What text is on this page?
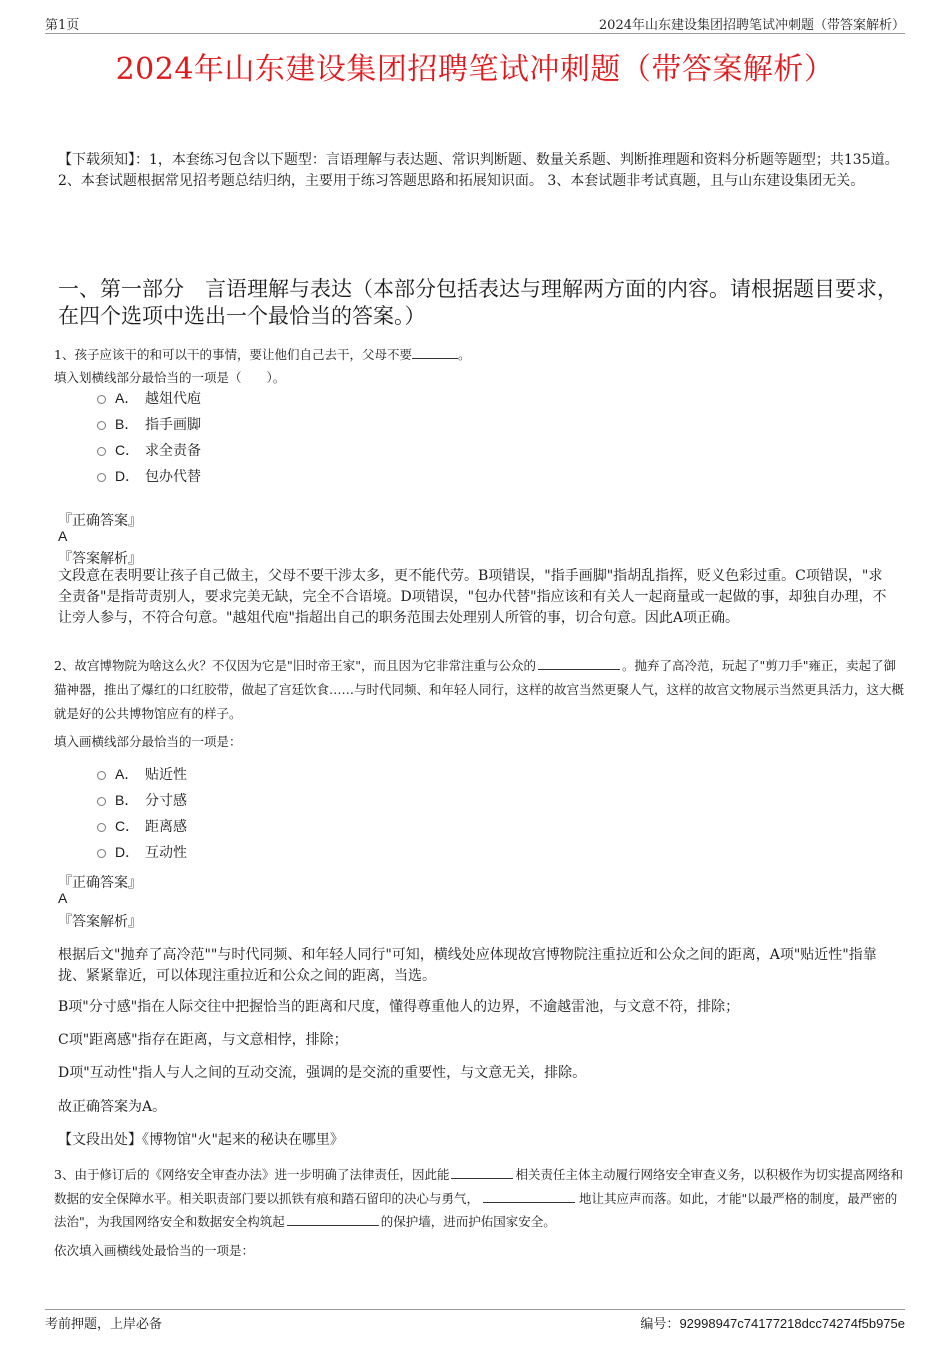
第1页	2024年山东建设集团招聘笔试冲刺题（带答案解析）
2024年山东建设集团招聘笔试冲刺题（带答案解析）
【下载须知】：1，本套练习包含以下题型：言语理解与表达题、常识判断题、数量关系题、判断推理题和资料分析题等题型；共135道。 2、本套试题根据常见招考题总结归纳，主要用于练习答题思路和拓展知识面。 3、本套试题非考试真题，且与山东建设集团无关。
一、第一部分　言语理解与表达（本部分包括表达与理解两方面的内容。请根据题目要求，在四个选项中选出一个最恰当的答案。）
1、孩子应该干的和可以干的事情，要让他们自己去干，父母不要	。
填入划横线部分最恰当的一项是（　　）。
A． 越俎代庖
B． 指手画脚
C． 求全责备
D． 包办代替
『正确答案』
A
『答案解析』
文段意在表明要让孩子自己做主，父母不要干涉太多，更不能代劳。B项错误，"指手画脚"指胡乱指挥，贬义色彩过重。C项错误，"求全责备"是指苛责别人，要求完美无缺，完全不合语境。D项错误，"包办代替"指应该和有关人一起商量或一起做的事，却独自办理，不让旁人参与，不符合句意。"越俎代庖"指超出自己的职务范围去处理别人所管的事，切合句意。因此A项正确。
2、故宫博物院为啥这么火？不仅因为它是"旧时帝王家"，而且因为它非常注重与公众的	。抛弃了高冷范，玩起了"剪刀手"雍正，卖起了御猫神器，推出了爆红的口红胶带，做起了宫廷饮食……与时代同频、和年轻人同行，这样的故宫当然更聚人气，这样的故宫文物展示当然更具活力，这大概就是好的公共博物馆应有的样子。
填入画横线部分最恰当的一项是：
A． 贴近性
B． 分寸感
C． 距离感
D． 互动性
『正确答案』
A
『答案解析』
根据后文"抛弃了高冷范""与时代同频、和年轻人同行"可知，横线处应体现故宫博物院注重拉近和公众之间的距离，A项"贴近性"指靠拢、紧紧靠近，可以体现注重拉近和公众之间的距离，当选。
B项"分寸感"指在人际交往中把握恰当的距离和尺度，懂得尊重他人的边界，不逾越雷池，与文意不符，排除；
C项"距离感"指存在距离，与文意相悖，排除；
D项"互动性"指人与人之间的互动交流，强调的是交流的重要性，与文意无关，排除。
故正确答案为A。
【文段出处】《博物馆"火"起来的秘诀在哪里》
3、由于修订后的《网络安全审查办法》进一步明确了法律责任，因此能	相关责任主体主动履行网络安全审查义务，以积极作为切实提高网络和数据的安全保障水平。相关职责部门要以抓铁有痕和踏石留印的决心与勇气，	地让其应声而落。如此，才能"以最严格的制度，最严密的法治"，为我国网络安全和数据安全构筑起	的保护墙，进而护佑国家安全。
依次填入画横线处最恰当的一项是：
考前押题，上岸必备	编号：92998947c74177218dcc74274f5b975e
